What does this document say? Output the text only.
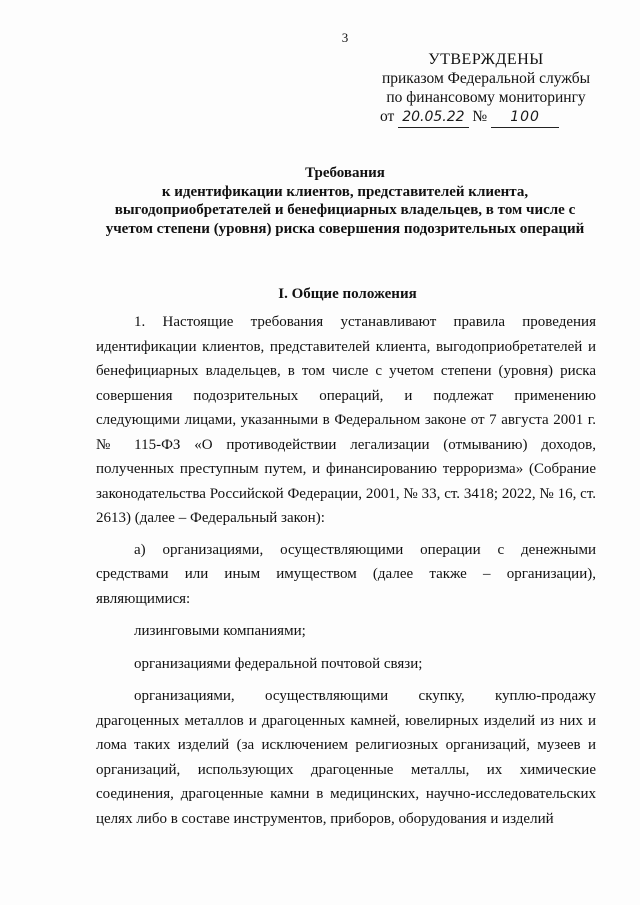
3
УТВЕРЖДЕНЫ
приказом Федеральной службы
по финансовому мониторингу
от 20.05.22 № 100
Требования
к идентификации клиентов, представителей клиента,
выгодоприобретателей и бенефициарных владельцев, в том числе с
учетом степени (уровня) риска совершения подозрительных операций
I. Общие положения

1. Настоящие требования устанавливают правила проведения идентификации клиентов, представителей клиента, выгодоприобретателей и бенефициарных владельцев, в том числе с учетом степени (уровня) риска совершения подозрительных операций, и подлежат применению следующими лицами, указанными в Федеральном законе от 7 августа 2001 г. № 115-ФЗ «О противодействии легализации (отмыванию) доходов, полученных преступным путем, и финансированию терроризма» (Собрание законодательства Российской Федерации, 2001, № 33, ст. 3418; 2022, № 16, ст. 2613) (далее – Федеральный закон):

а) организациями, осуществляющими операции с денежными средствами или иным имуществом (далее также – организации), являющимися:

лизинговыми компаниями;

организациями федеральной почтовой связи;

организациями, осуществляющими скупку, куплю-продажу драгоценных металлов и драгоценных камней, ювелирных изделий из них и лома таких изделий (за исключением религиозных организаций, музеев и организаций, использующих драгоценные металлы, их химические соединения, драгоценные камни в медицинских, научно-исследовательских целях либо в составе инструментов, приборов, оборудования и изделий
